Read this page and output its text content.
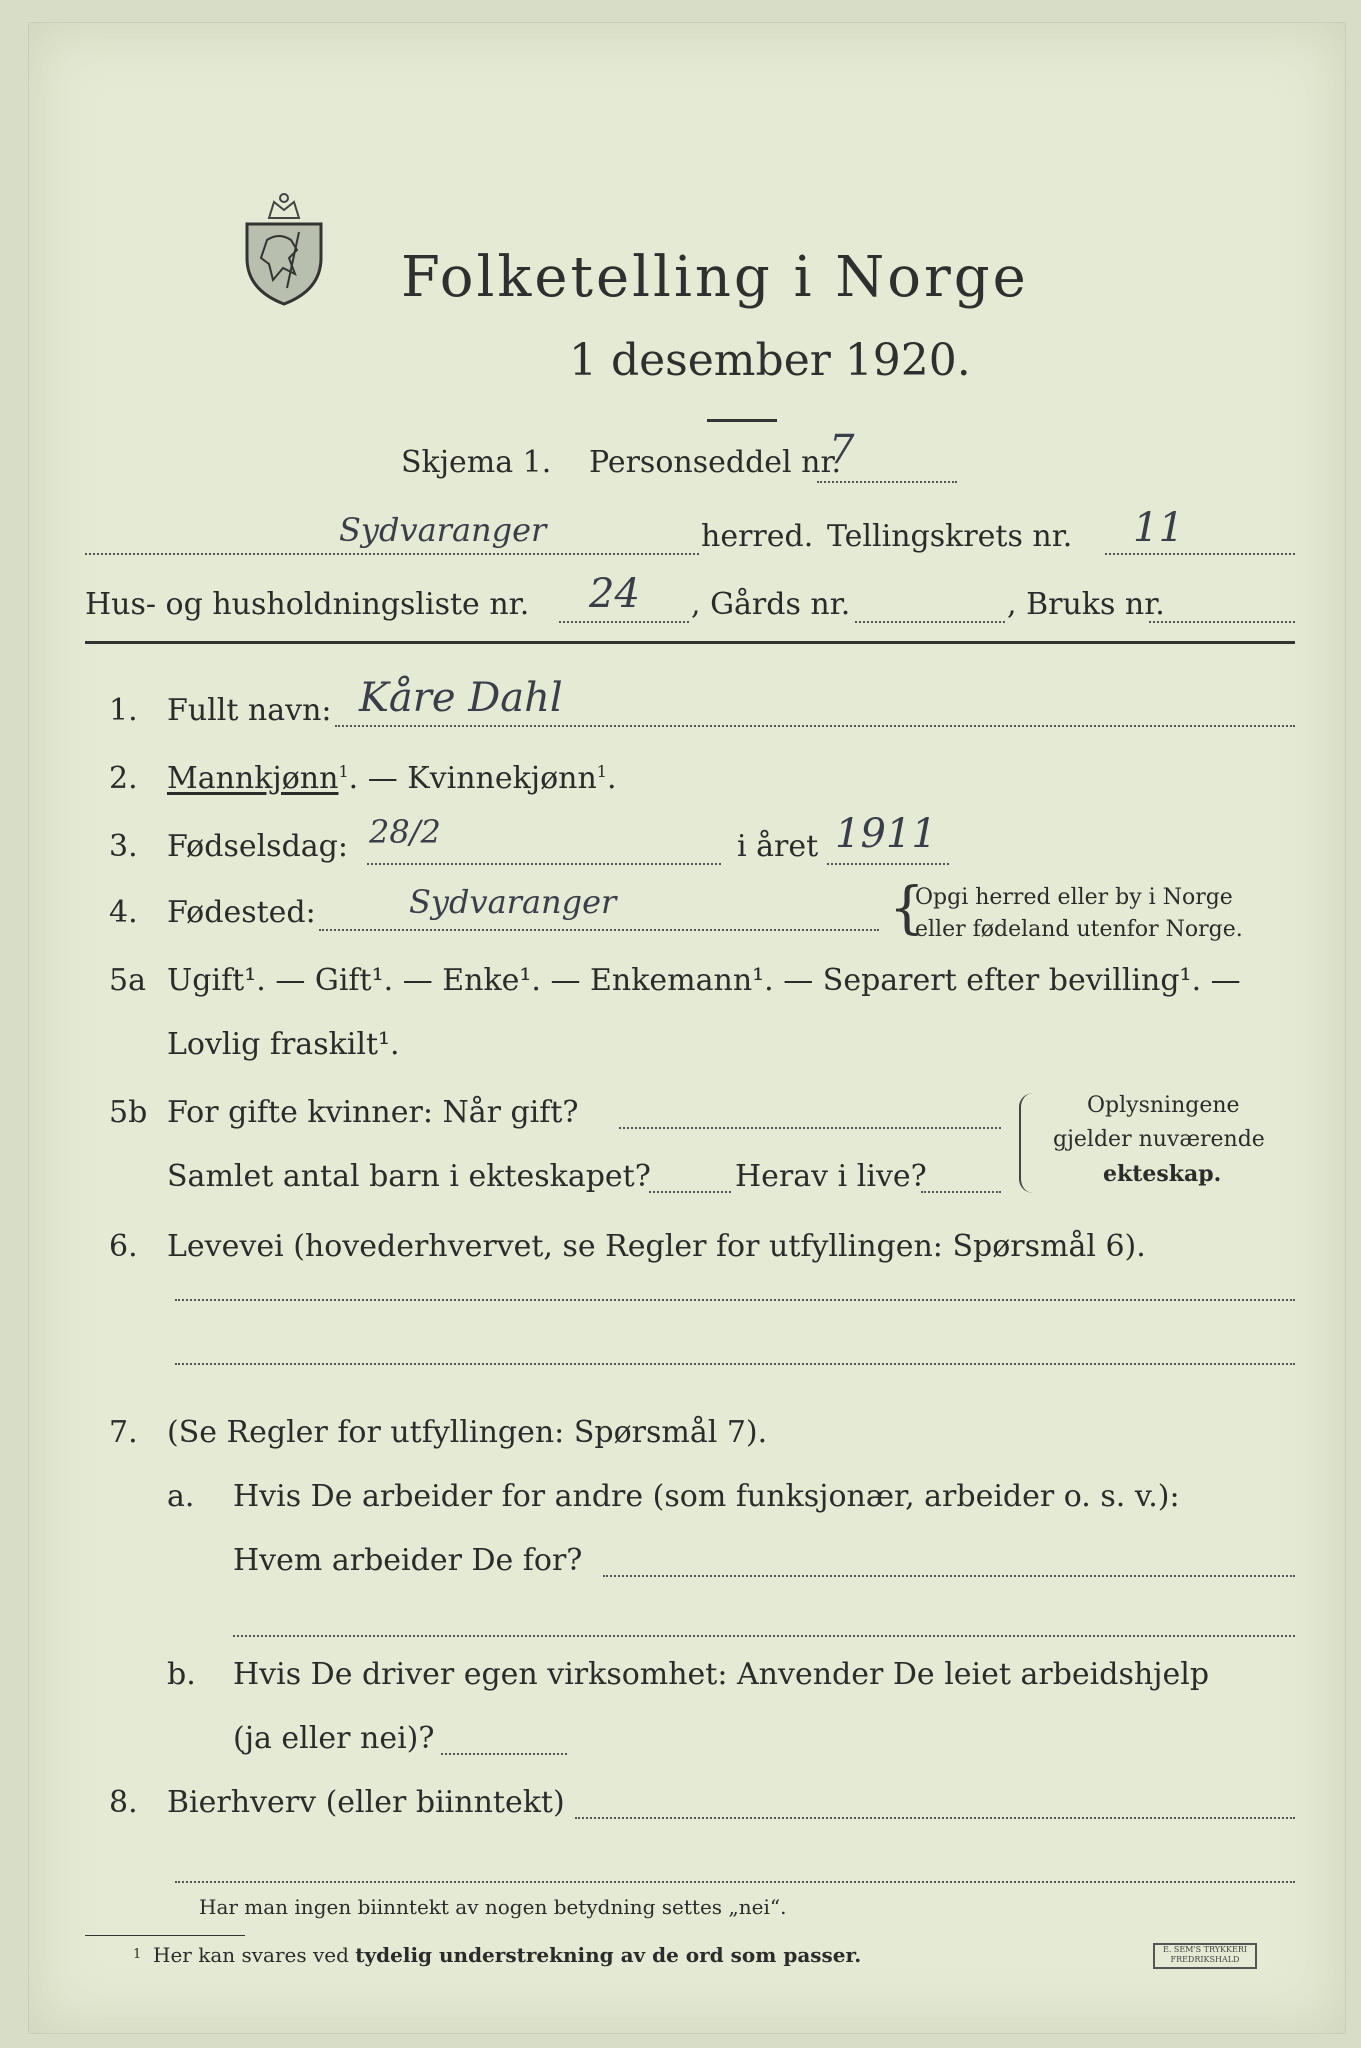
Folketelling i Norge
1 desember 1920.
Skjema 1. Personseddel nr.
7
Sydvaranger	herred. Tellingskrets nr. 11
Hus- og husholdningsliste nr. 24 , Gårds nr.	, Bruks nr.
1. Fullt navn: Kåre Dahl
2. Mannkjønn$^1$. — Kvinnekjønn$^1$.
3. Fødselsdag: 28/2	i året 1911
4. Fødested:	Sydvaranger	{
Opgi herred eller by i Norge
eller fødeland utenfor Norge.
5a Ugift¹. — Gift¹. — Enke¹. — Enkemann¹. — Separert efter bevilling¹. —
Lovlig fraskilt¹.
5b For gifte kvinner: Når gift?
Samlet antal barn i ekteskapet?	Herav i live?
Oplysningene
gjelder nuværende
ekteskap.
6. Levevei (hovederhvervet, se Regler for utfyllingen: Spørsmål 6).
7. (Se Regler for utfyllingen: Spørsmål 7).
a. Hvis De arbeider for andre (som funksjonær, arbeider o. s. v.):
Hvem arbeider De for?
b. Hvis De driver egen virksomhet: Anvender De leiet arbeidshjelp
(ja eller nei)?
8. Bierhverv (eller biinntekt)
Har man ingen biinntekt av nogen betydning settes „nei“.
1 Her kan svares ved tydelig understrekning av de ord som passer.	E. SEM'S TRYKKERI
FREDRIKSHALD
